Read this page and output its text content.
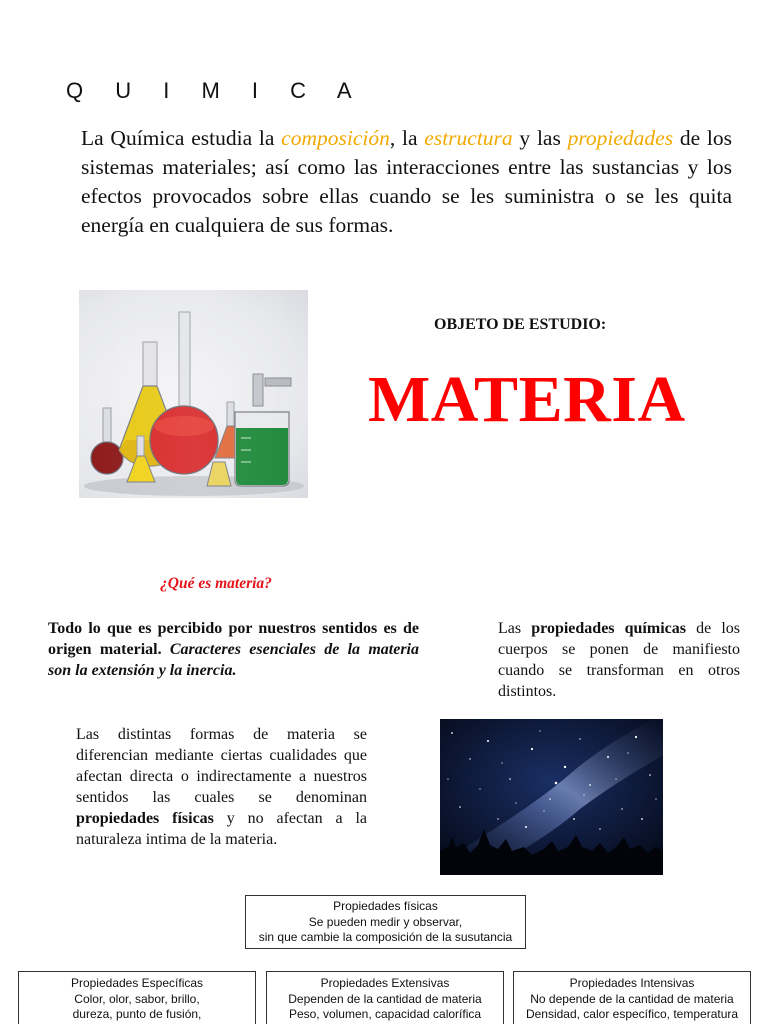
Q U I M I C A

La Química estudia la composición, la estructura y las propiedades de los sistemas materiales; así como las interacciones entre las sustancias y los efectos provocados sobre ellas cuando se les suministra o se les quita energía en cualquiera de sus formas.

OBJETO DE ESTUDIO:
MATERIA
¿Qué es materia?

Todo lo que es percibido por nuestros sentidos es de origen material. Caracteres esenciales de la materia son la extensión y la inercia.

Las propiedades químicas de los cuerpos se ponen de manifiesto cuando se transforman en otros distintos.

Las distintas formas de materia se diferencian mediante ciertas cualidades que afectan directa o indirectamente a nuestros sentidos las cuales se denominan propiedades físicas y no afectan a la naturaleza intima de la materia.

Propiedades físicas
Se pueden medir y observar,
sin que cambie la composición de la susutancia
Propiedades Específicas
Color, olor, sabor, brillo,
dureza, punto de fusión,
Propiedades Extensivas
Dependen de la cantidad de materia
Peso, volumen, capacidad calorífica
Propiedades Intensivas
No depende de la cantidad de materia
Densidad, calor específico, temperatura
